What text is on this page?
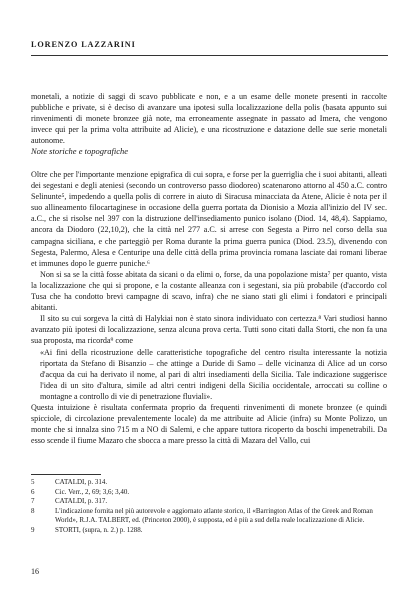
LORENZO LAZZARINI

monetali, a notizie di saggi di scavo pubblicate e non, e a un esame delle monete presenti in raccolte pubbliche e private, si è deciso di avanzare una ipotesi sulla localizzazione della polis (basata appunto sui rinvenimenti di monete bronzee già note, ma erroneamente assegnate in passato ad Imera, che vengono invece qui per la prima volta attribuite ad Alicie), e una ricostruzione e datazione delle sue serie monetali autonome.

Note storiche e topografiche

Oltre che per l'importante menzione epigrafica di cui sopra, e forse per la guerriglia che i suoi abitanti, alleati dei segestani e degli ateniesi (secondo un controverso passo diodoreo) scatenarono attorno al 450 a.C. contro Selinunte⁵, impedendo a quella polis di correre in aiuto di Siracusa minacciata da Atene, Alicie è nota per il suo allineamento filocartaginese in occasione della guerra portata da Dionisio a Mozia all'inizio del IV sec. a.C., che si risolse nel 397 con la distruzione dell'insediamento punico isolano (Diod. 14, 48,4). Sappiamo, ancora da Diodoro (22,10,2), che la città nel 277 a.C. si arrese con Segesta a Pirro nel corso della sua campagna siciliana, e che parteggiò per Roma durante la prima guerra punica (Diod. 23.5), divenendo con Segesta, Palermo, Alesa e Centuripe una delle città della prima provincia romana lasciate dai romani liberae et immunes dopo le guerre puniche.⁶

Non si sa se la città fosse abitata da sicani o da elimi o, forse, da una popolazione mista⁷ per quanto, vista la localizzazione che qui si propone, e la costante alleanza con i segestani, sia più probabile (d'accordo col Tusa che ha condotto brevi campagne di scavo, infra) che ne siano stati gli elimi i fondatori e principali abitanti.

Il sito su cui sorgeva la città di Halykiai non è stato sinora individuato con certezza.⁸ Vari studiosi hanno avanzato più ipotesi di localizzazione, senza alcuna prova certa. Tutti sono citati dalla Storti, che non fa una sua proposta, ma ricorda⁹ come

«Ai fini della ricostruzione delle caratteristiche topografiche del centro risulta interessante la notizia riportata da Stefano di Bisanzio – che attinge a Duride di Samo – delle vicinanza di Alice ad un corso d'acqua da cui ha derivato il nome, al pari di altri insediamenti della Sicilia. Tale indicazione suggerisce l'idea di un sito d'altura, simile ad altri centri indigeni della Sicilia occidentale, arroccati su colline o montagne a controllo di vie di penetrazione fluviali».

Questa intuizione è risultata confermata proprio da frequenti rinvenimenti di monete bronzee (e quindi spicciole, di circolazione prevalentemente locale) da me attribuite ad Alicie (infra) su Monte Polizzo, un monte che si innalza sino 715 m a NO di Salemi, e che appare tuttora ricoperto da boschi impenetrabili. Da esso scende il fiume Mazaro che sbocca a mare presso la città di Mazara del Vallo, cui

5	CATALDI, p. 314.
6	Cic. Verr., 2, 69; 3,6; 3,40.
7	CATALDI, p. 317.
8	L'indicazione fornita nel più autorevole e aggiornato atlante storico, il «Barrington Atlas of the Greek and Roman World», R.J.A. TALBERT, ed. (Princeton 2000), è supposta, ed è più a sud della reale localizzazione di Alicie.
9	STORTI, (supra, n. 2.) p. 1288.
16
